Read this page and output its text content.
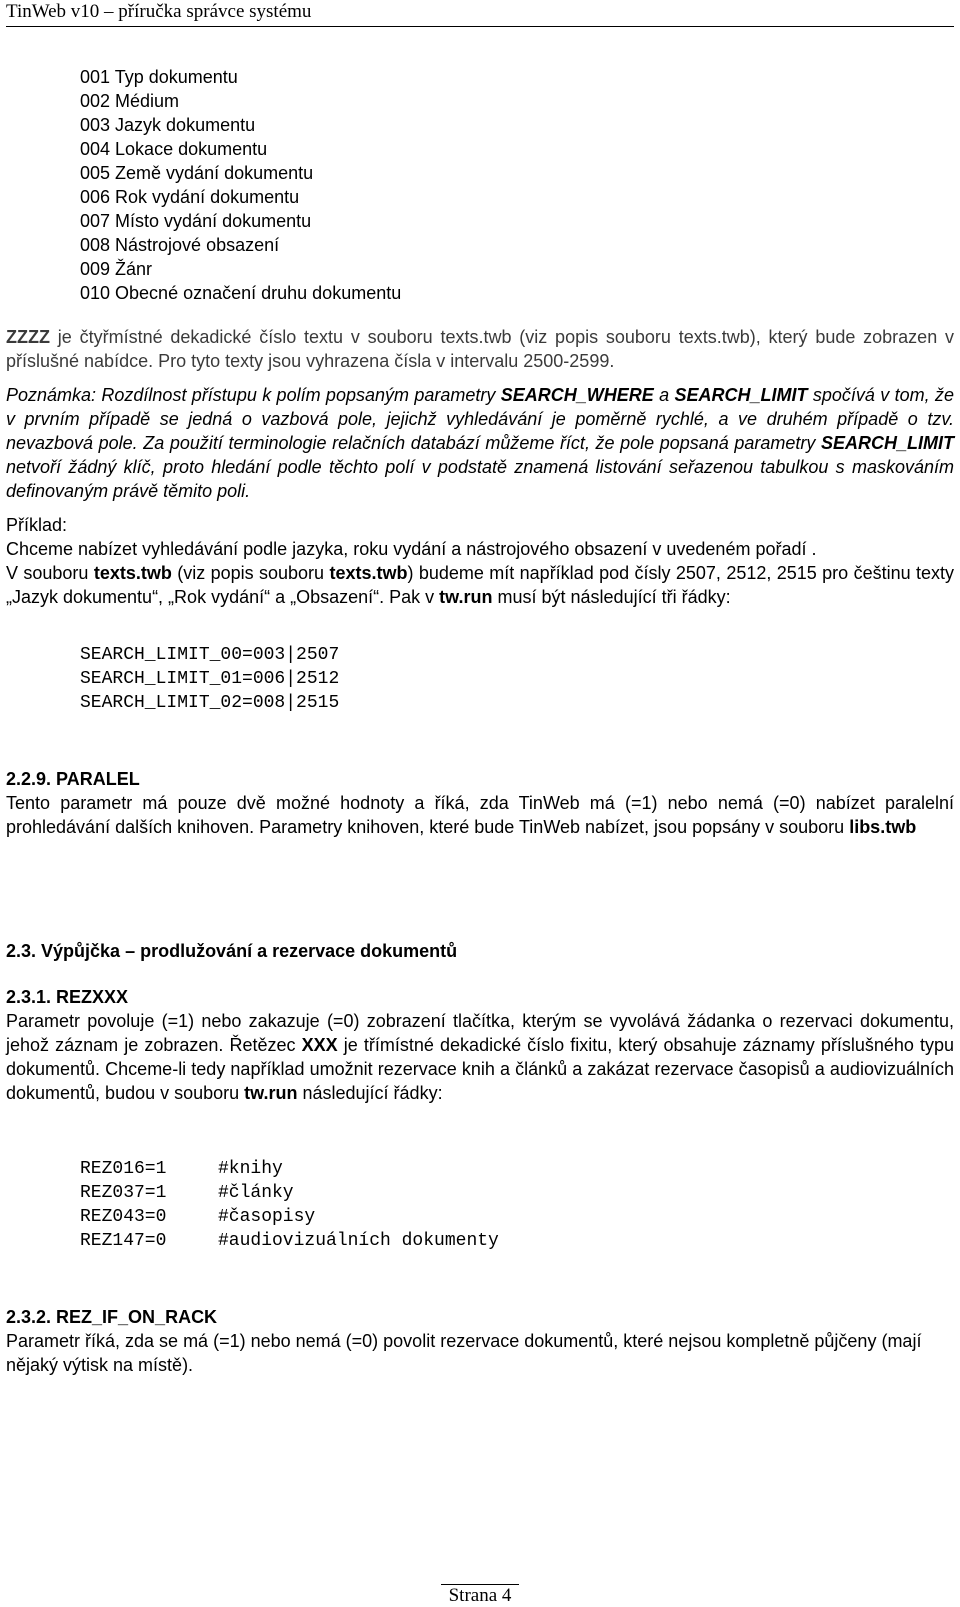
TinWeb v10 – příručka správce systému
001 Typ dokumentu
002 Médium
003 Jazyk dokumentu
004 Lokace dokumentu
005 Země vydání dokumentu
006 Rok vydání dokumentu
007 Místo vydání dokumentu
008 Nástrojové obsazení
009 Žánr
010 Obecné označení druhu dokumentu

ZZZZ je čtyřmístné dekadické číslo textu v souboru texts.twb (viz popis souboru texts.twb), který bude zobrazen v příslušné nabídce. Pro tyto texty jsou vyhrazena čísla v intervalu 2500-2599.

Poznámka: Rozdílnost přístupu k polím popsaným parametry SEARCH_WHERE a SEARCH_LIMIT spočívá v tom, že v prvním případě se jedná o vazbová pole, jejichž vyhledávání je poměrně rychlé, a ve druhém případě o tzv. nevazbová pole. Za použití terminologie relačních databází můžeme říct, že pole popsaná parametry SEARCH_LIMIT netvoří žádný klíč, proto hledání podle těchto polí v podstatě znamená listování seřazenou tabulkou s maskováním definovaným právě těmito poli.

Příklad:

Chceme nabízet vyhledávání podle jazyka, roku vydání a nástrojového obsazení v uvedeném pořadí .

V souboru texts.twb (viz popis souboru texts.twb) budeme mít například pod čísly 2507, 2512, 2515 pro češtinu texty „Jazyk dokumentu“, „Rok vydání“ a „Obsazení“. Pak v tw.run musí být následující tři řádky:

SEARCH_LIMIT_00=003|2507
SEARCH_LIMIT_01=006|2512
SEARCH_LIMIT_02=008|2515

2.2.9. PARALEL

Tento parametr má pouze dvě možné hodnoty a říká, zda TinWeb má (=1) nebo nemá (=0) nabízet paralelní prohledávání dalších knihoven. Parametry knihoven, které bude TinWeb nabízet, jsou popsány v souboru libs.twb

2.3. Výpůjčka – prodlužování a rezervace dokumentů

2.3.1. REZXXX

Parametr povoluje (=1) nebo zakazuje (=0) zobrazení tlačítka, kterým se vyvolává žádanka o rezervaci dokumentu, jehož záznam je zobrazen. Řetězec XXX je třímístné dekadické číslo fixitu, který obsahuje záznamy příslušného typu dokumentů. Chceme-li tedy například umožnit rezervace knih a článků a zakázat rezervace časopisů a audiovizuálních dokumentů, budou v souboru tw.run následující řádky:

REZ016=1	#knihy
REZ037=1	#články
REZ043=0	#časopisy
REZ147=0	#audiovizuálních dokumenty

2.3.2. REZ_IF_ON_RACK

Parametr říká, zda se má (=1) nebo nemá (=0) povolit rezervace dokumentů, které nejsou kompletně půjčeny (mají nějaký výtisk na místě).

Strana 4
